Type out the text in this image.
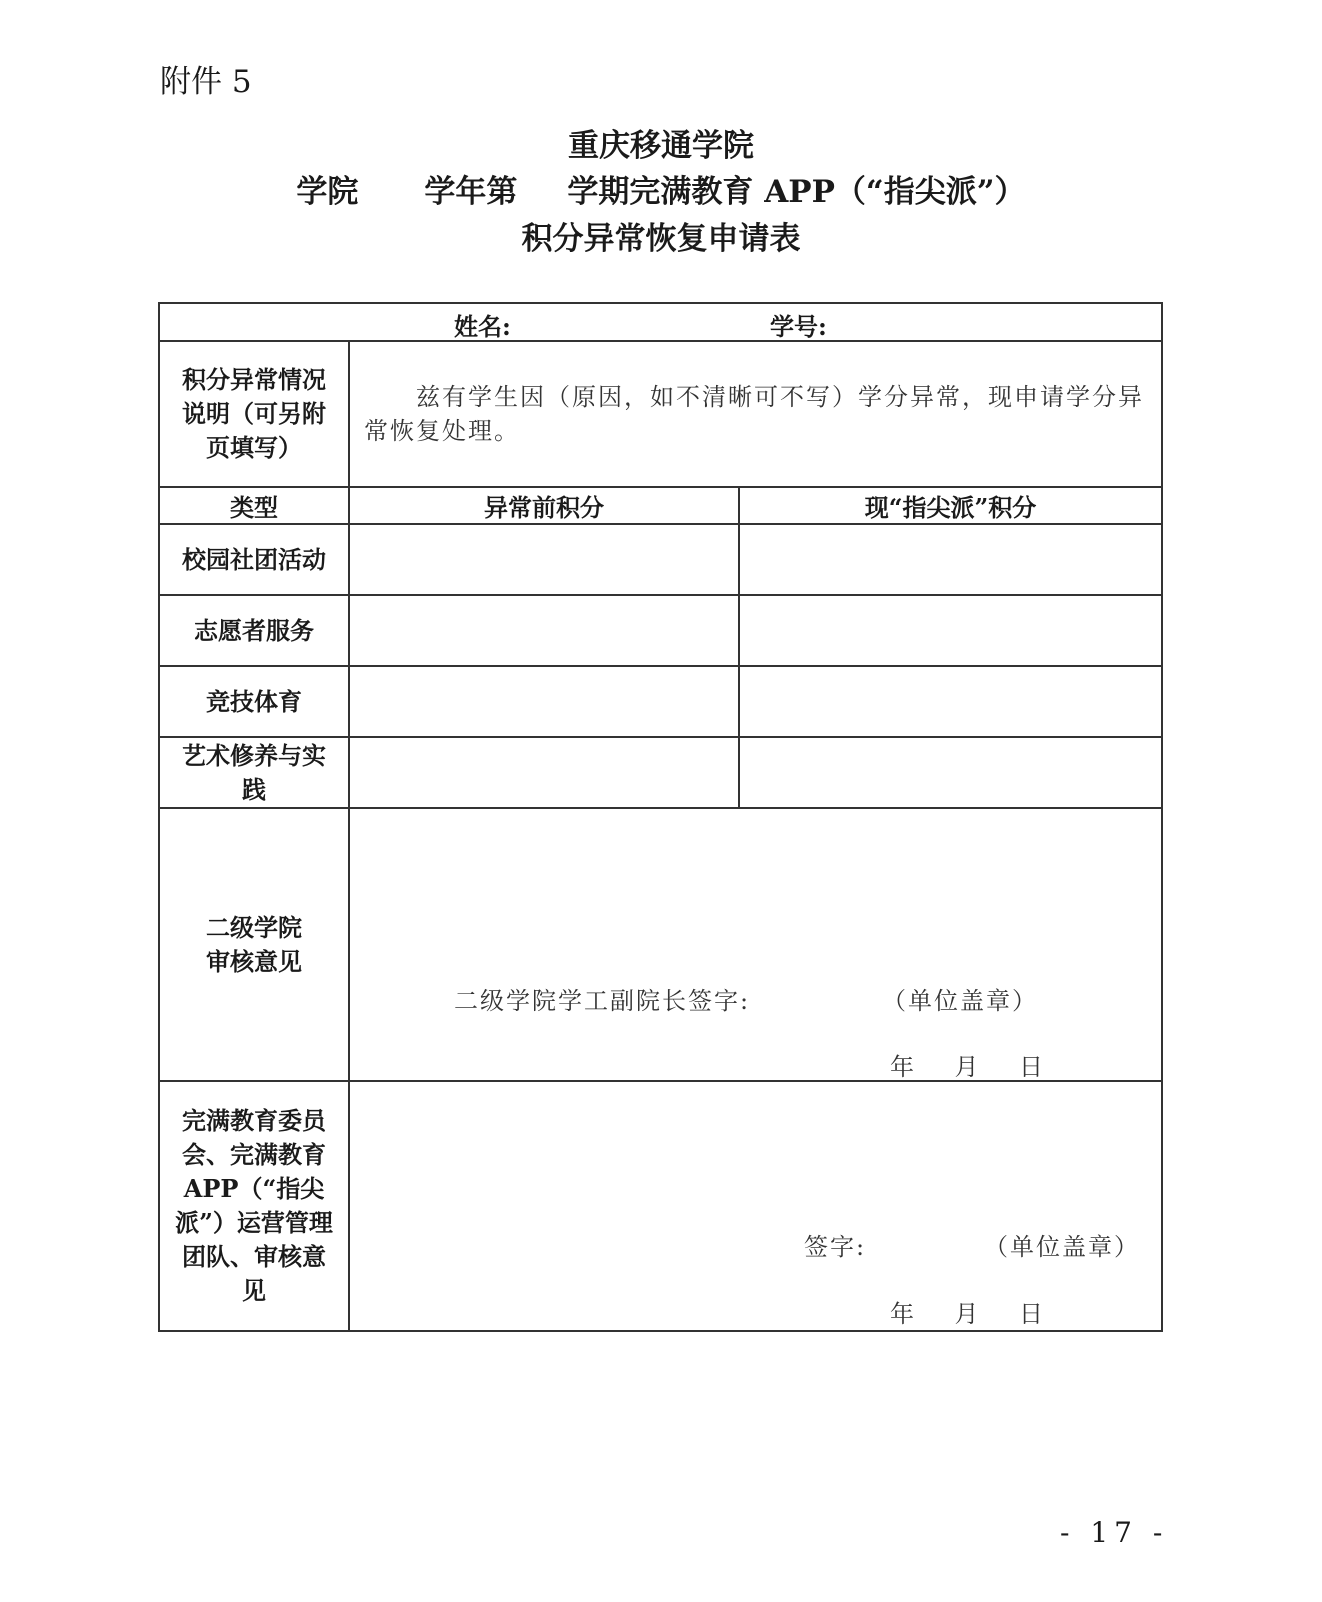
附件 5
重庆移通学院
学院 学年第 学期完满教育 APP（“指尖派”）
积分异常恢复申请表
姓名: 学号:		

积分异常情况说明（可另附页填写）	兹有学生因（原因，如不清晰可不写）学分异常，现申请学分异常恢复处理。	
类型	异常前积分	现“指尖派”积分
校园社团活动		
志愿者服务		
竞技体育		

艺术修养与实践		

二级学院审核意见	二级学院学工副院长签字: （单位盖章）
年    月    日	

完满教育委员会、完满教育APP（“指尖派”）运营管理团队、审核意见	签字: （单位盖章）
年    月    日	
- 17 -
